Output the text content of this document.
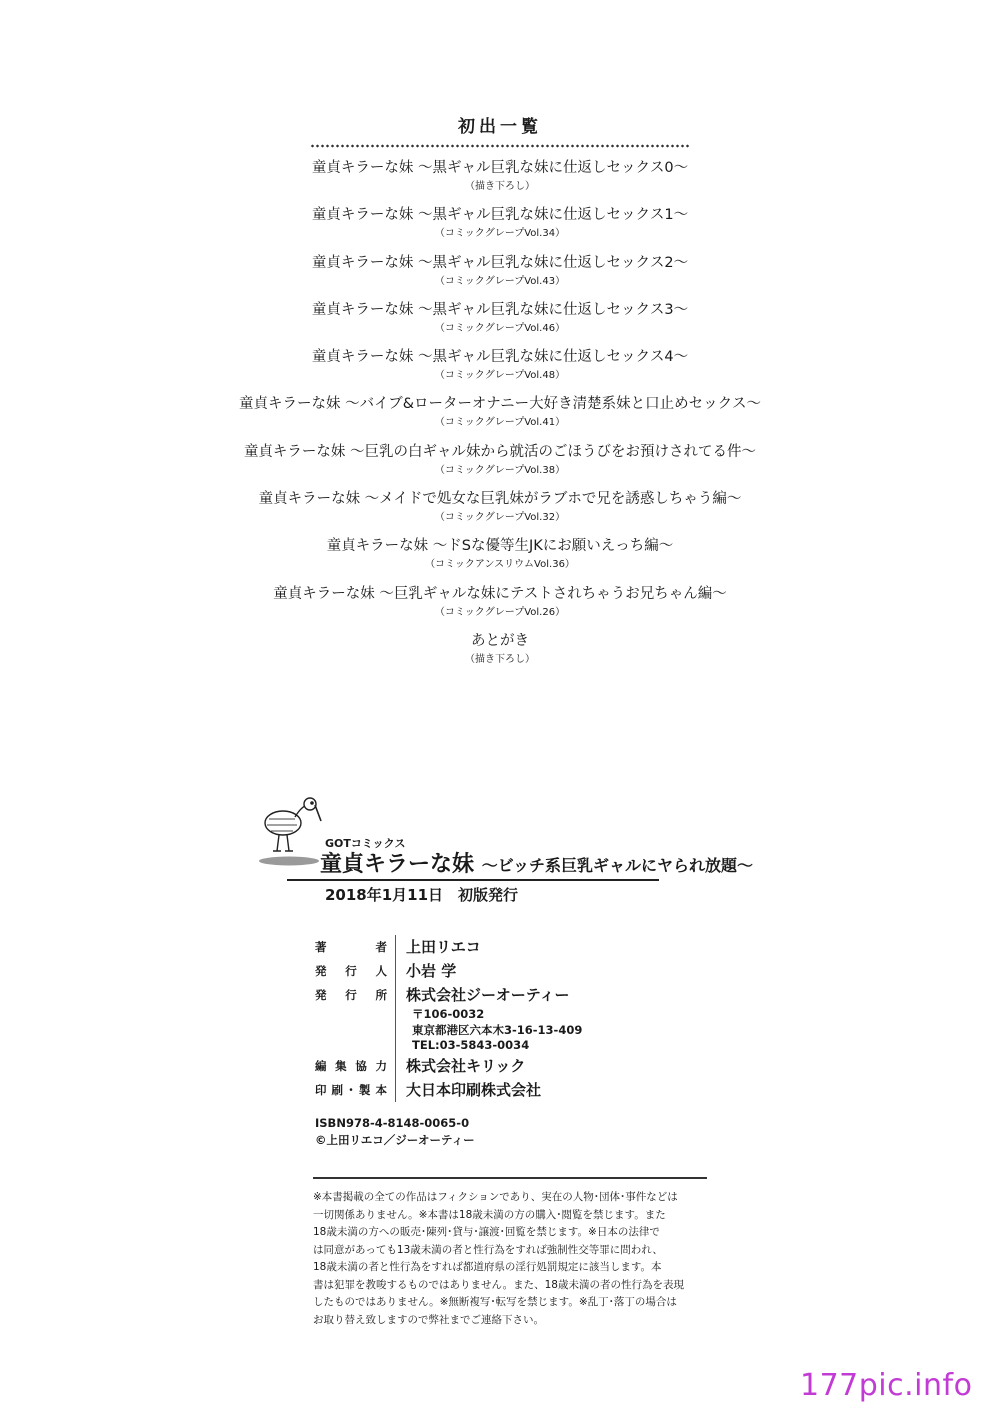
初出一覧
童貞キラーな妹 ～黒ギャル巨乳な妹に仕返しセックス0～
（描き下ろし）
童貞キラーな妹 ～黒ギャル巨乳な妹に仕返しセックス1～
（コミックグレープVol.34）
童貞キラーな妹 ～黒ギャル巨乳な妹に仕返しセックス2～
（コミックグレープVol.43）
童貞キラーな妹 ～黒ギャル巨乳な妹に仕返しセックス3～
（コミックグレープVol.46）
童貞キラーな妹 ～黒ギャル巨乳な妹に仕返しセックス4～
（コミックグレープVol.48）
童貞キラーな妹 ～バイブ&ローターオナニー大好き清楚系妹と口止めセックス～
（コミックグレープVol.41）
童貞キラーな妹 ～巨乳の白ギャル妹から就活のごほうびをお預けされてる件～
（コミックグレープVol.38）
童貞キラーな妹 ～メイドで処女な巨乳妹がラブホで兄を誘惑しちゃう編～
（コミックグレープVol.32）
童貞キラーな妹 ～ドSな優等生JKにお願いえっち編～
（コミックアンスリウムVol.36）
童貞キラーな妹 ～巨乳ギャルな妹にテストされちゃうお兄ちゃん編～
（コミックグレープVol.26）
あとがき
（描き下ろし）
GOTコミックス
童貞キラーな妹 ～ビッチ系巨乳ギャルにヤられ放題～
2018年1月11日　初版発行
著者	上田リエコ
発行人	小岩 学
発行所	株式会社ジーオーティー

	〒106-0032
東京都港区六本木3-16-13-409
TEL:03-5843-0034

編集協力	株式会社キリック
印刷･製本	大日本印刷株式会社
ISBN978-4-8148-0065-0
©上田リエコ／ジーオーティー
※本書掲載の全ての作品はフィクションであり、実在の人物･団体･事件などは
一切関係ありません。※本書は18歳未満の方の購入･閲覧を禁じます。また
18歳未満の方への販売･陳列･貸与･譲渡･回覧を禁じます。※日本の法律で
は同意があっても13歳未満の者と性行為をすれば強制性交等罪に問われ、
18歳未満の者と性行為をすれば都道府県の淫行処罰規定に該当します。本
書は犯罪を教唆するものではありません。また、18歳未満の者の性行為を表現
したものではありません。※無断複写･転写を禁じます。※乱丁･落丁の場合は
お取り替え致しますので弊社までご連絡下さい。
177pic.info
